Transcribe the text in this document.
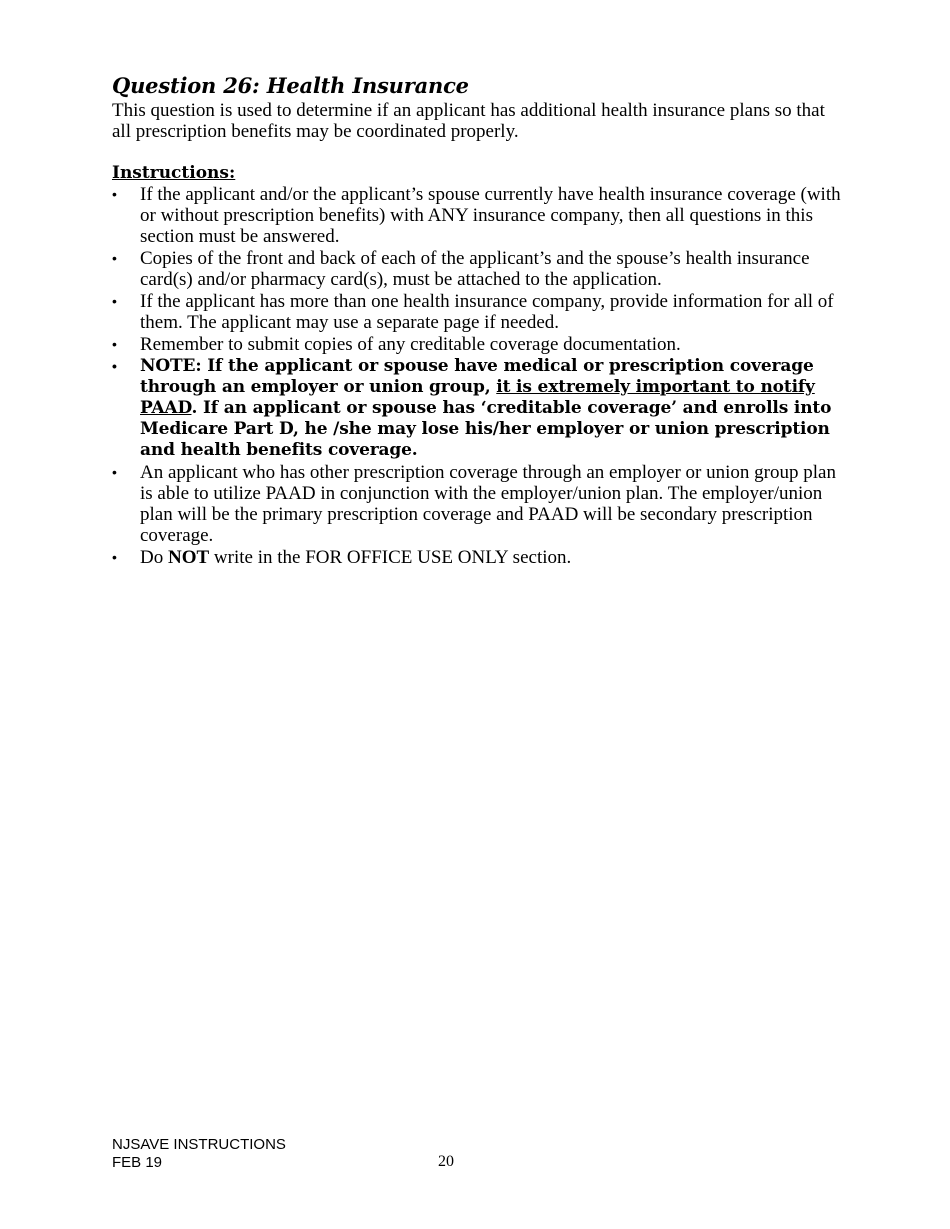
Question 26: Health Insurance

This question is used to determine if an applicant has additional health insurance plans so that all prescription benefits may be coordinated properly.

Instructions:

• If the applicant and/or the applicant’s spouse currently have health insurance coverage (with or without prescription benefits) with ANY insurance company, then all questions in this section must be answered.
• Copies of the front and back of each of the applicant’s and the spouse’s health insurance card(s) and/or pharmacy card(s), must be attached to the application.
• If the applicant has more than one health insurance company, provide information for all of them. The applicant may use a separate page if needed.
• Remember to submit copies of any creditable coverage documentation.
•	NOTE: If the applicant or spouse have medical or prescription coverage through an employer or union group, it is extremely important to notify PAAD. If an applicant or spouse has ‘creditable coverage’ and enrolls into Medicare Part D, he /she may lose his/her employer or union prescription and health benefits coverage.
• An applicant who has other prescription coverage through an employer or union group plan is able to utilize PAAD in conjunction with the employer/union plan. The employer/union plan will be the primary prescription coverage and PAAD will be secondary prescription coverage.
• Do NOT write in the FOR OFFICE USE ONLY section.
NJSAVE INSTRUCTIONS
FEB 19	20
